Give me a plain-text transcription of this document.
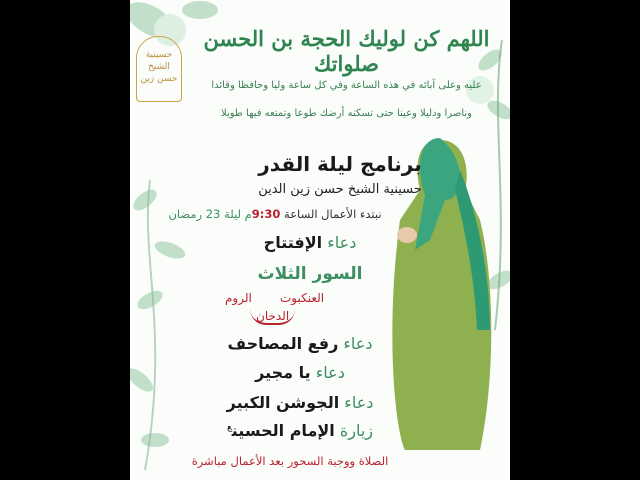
حسينية الشيخ حسن زين
اللهم كن لوليك الحجة بن الحسن صلواتك
عليه وعلى آبائه في هذه الساعة وفي كل ساعة وليا وحافظا وقائدا
وناصرا ودليلا وعينا حتى تسكنه أرضك طوعا وتمتعه فيها طويلا
برنامج ليلة القدر
حسينية الشيخ حسن زين الدين
نبتدء الأعمال الساعة 9:30م ليلة 23 رمضان
دعاء الإفتتاح
السور الثلاث
العنكبوت
الروم
الدخان
دعاء رفع المصاحف
دعاء يا مجير
دعاء الجوشن الكبير
زيارة الإمام الحسين$^ع$
الصلاة ووجبة السحور بعد الأعمال مباشرة
